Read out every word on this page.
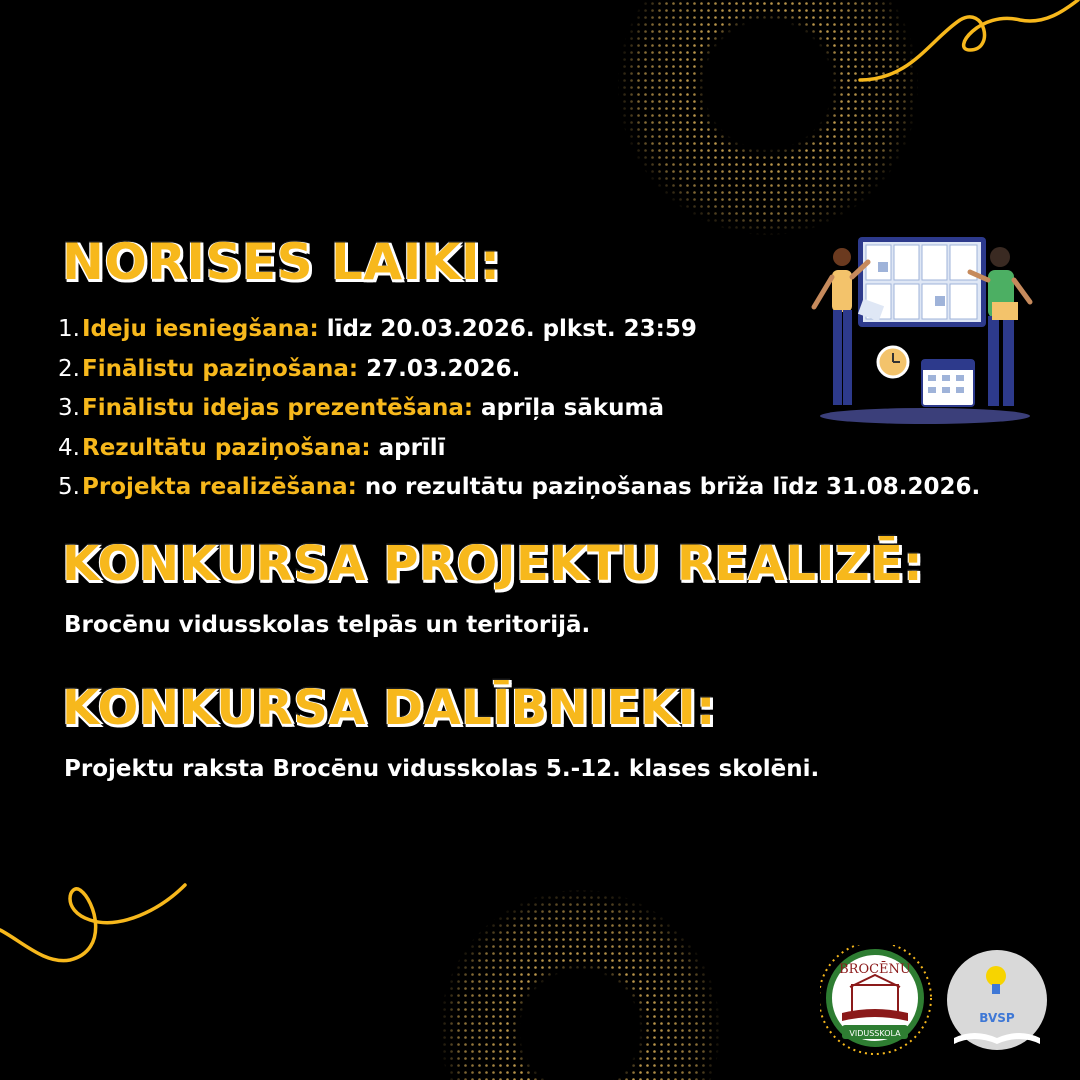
NORISES LAIKI:
KONKURSA PROJEKTU REALIZĒ:
KONKURSA DALĪBNIEKI:
1.Ideju iesniegšana: līdz 20.03.2026. plkst. 23:59
2.Finālistu paziņošana: 27.03.2026.
3.Finālistu idejas prezentēšana: aprīļa sākumā
4.Rezultātu paziņošana: aprīlī
5.Projekta realizēšana: no rezultātu paziņošanas brīža līdz 31.08.2026.
Brocēnu vidusskolas telpās un teritorijā.
Projektu raksta Brocēnu vidusskolas 5.-12. klases skolēni.
BROCĒNU
VIDUSSKOLA
BVSP
